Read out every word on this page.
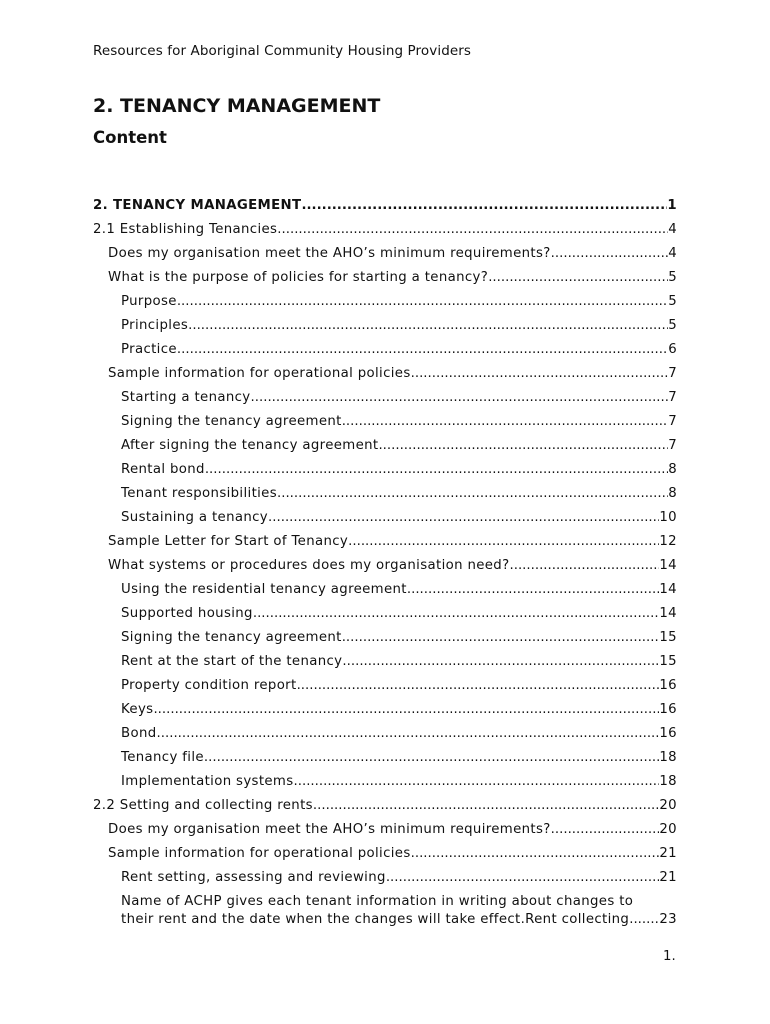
Resources for Aboriginal Community Housing Providers
2. TENANCY MANAGEMENT
Content
2. TENANCY MANAGEMENT .....	1
2.1 Establishing Tenancies .....	4
Does my organisation meet the AHO’s minimum requirements? .....	4
What is the purpose of policies for starting a tenancy? .....	5
Purpose .....	5
Principles .....	5
Practice .....	6
Sample information for operational policies .....	7
Starting a tenancy .....	7
Signing the tenancy agreement .....	7
After signing the tenancy agreement .....	7
Rental bond .....	8
Tenant responsibilities .....	8
Sustaining a tenancy .....	10
Sample Letter for Start of Tenancy .....	12
What systems or procedures does my organisation need? .....	14
Using the residential tenancy agreement .....	14
Supported housing .....	14
Signing the tenancy agreement .....	15
Rent at the start of the tenancy .....	15
Property condition report .....	16
Keys .....	16
Bond .....	16
Tenancy file .....	18
Implementation systems .....	18
2.2 Setting and collecting rents .....	20
Does my organisation meet the AHO’s minimum requirements? .....	20
Sample information for operational policies .....	21
Rent setting, assessing and reviewing .....	21
Name of ACHP gives each tenant information in writing about changes to
their rent and the date when the changes will take effect.Rent collecting ..... 23
1.
